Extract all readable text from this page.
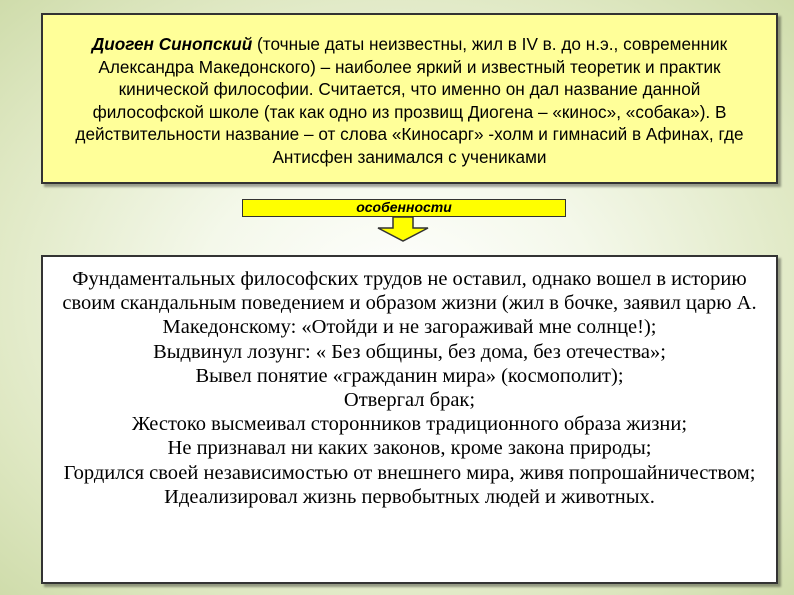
Диоген Синопский (точные даты неизвестны, жил в IV в. до н.э., современник Александра Македонского) – наиболее яркий и известный теоретик и практик кинической философии. Считается, что именно он дал название данной философской школе (так как одно из прозвищ Диогена – «кинос», «собака»). В действительности название – от слова «Киносарг» -холм и гимнасий в Афинах, где Антисфен занимался с учениками
особенности
Фундаментальных философских трудов не оставил, однако вошел в историю своим скандальным поведением и образом жизни (жил в бочке, заявил царю А. Македонскому: «Отойди и не загораживай мне солнце!);
Выдвинул лозунг: « Без общины, без дома, без отечества»;
Вывел понятие «гражданин мира» (космополит);
Отвергал брак;
Жестоко высмеивал сторонников традиционного образа жизни;
Не признавал ни каких законов, кроме закона природы;
Гордился своей независимостью от внешнего мира, живя попрошайничеством;
Идеализировал жизнь первобытных людей и животных.
